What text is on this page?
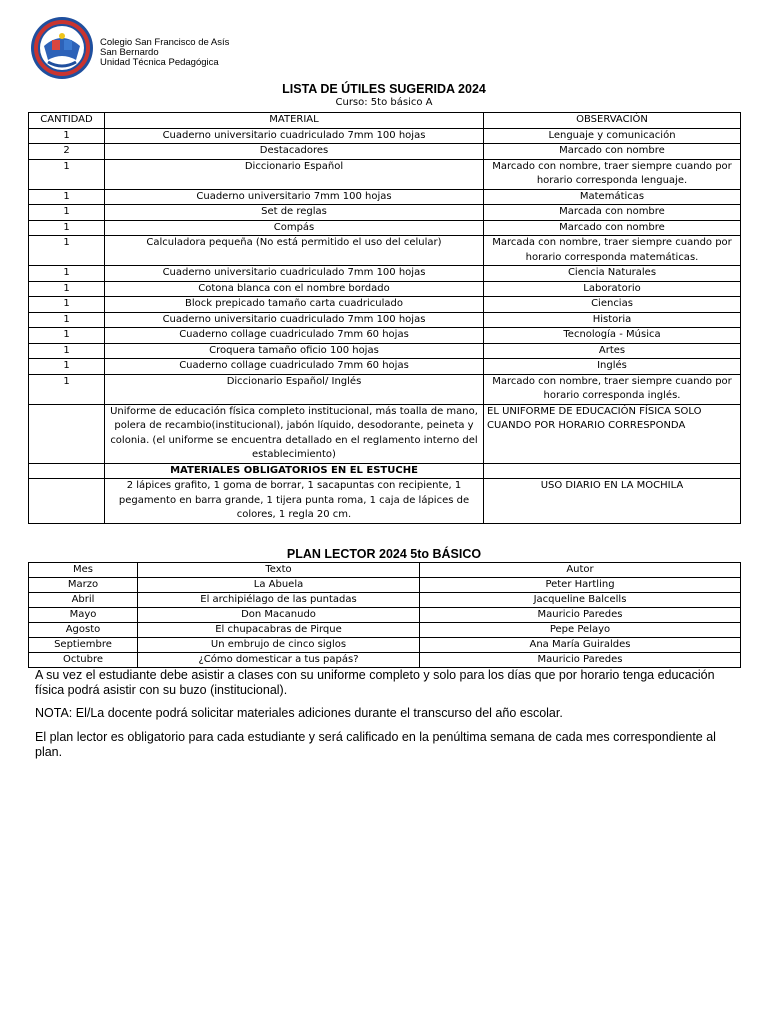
Colegio San Francisco de Asís
San Bernardo
Unidad Técnica Pedagógica
LISTA DE ÚTILES SUGERIDA 2024
Curso: 5to básico A
CANTIDAD	MATERIAL	OBSERVACIÓN
1	Cuaderno universitario cuadriculado 7mm 100 hojas	Lenguaje y comunicación
2	Destacadores	Marcado con nombre
1	Diccionario Español	Marcado con nombre, traer siempre cuando por horario corresponda lenguaje.
1	Cuaderno universitario 7mm 100 hojas	Matemáticas
1	Set de reglas	Marcada con nombre
1	Compás	Marcado con nombre
1	Calculadora pequeña (No está permitido el uso del celular)	Marcada con nombre, traer siempre cuando por horario corresponda matemáticas.
1	Cuaderno universitario cuadriculado 7mm 100 hojas	Ciencia Naturales
1	Cotona blanca con el nombre bordado	Laboratorio
1	Block prepicado tamaño carta cuadriculado	Ciencias
1	Cuaderno universitario cuadriculado 7mm 100 hojas	Historia
1	Cuaderno collage cuadriculado 7mm 60 hojas	Tecnología - Música
1	Croquera tamaño oficio 100 hojas	Artes
1	Cuaderno collage cuadriculado 7mm 60 hojas	Inglés
1	Diccionario Español/ Inglés	Marcado con nombre, traer siempre cuando por horario corresponda inglés.
	Uniforme de educación física completo institucional, más toalla de mano, polera de recambio(institucional), jabón líquido, desodorante, peineta y colonia. (el uniforme se encuentra detallado en el reglamento interno del establecimiento)	EL UNIFORME DE EDUCACIÓN FÍSICA SOLO CUANDO POR HORARIO CORRESPONDA
	MATERIALES OBLIGATORIOS EN EL ESTUCHE	
	2 lápices grafito, 1 goma de borrar, 1 sacapuntas con recipiente, 1 pegamento en barra grande, 1 tijera punta roma, 1 caja de lápices de colores, 1 regla 20 cm.	USO DIARIO EN LA MOCHILA
PLAN LECTOR 2024 5to BÁSICO
Mes	Texto	Autor
Marzo	La Abuela	Peter Hartling
Abril	El archipiélago de las puntadas	Jacqueline Balcells
Mayo	Don Macanudo	Mauricio Paredes
Agosto	El chupacabras de Pirque	Pepe Pelayo
Septiembre	Un embrujo de cinco siglos	Ana María Guiraldes
Octubre	¿Cómo domesticar a tus papás?	Mauricio Paredes
A su vez el estudiante debe asistir a clases con su uniforme completo y solo para los días que por horario tenga educación física podrá asistir con su buzo (institucional).
NOTA: El/La docente podrá solicitar materiales adiciones durante el transcurso del año escolar.
El plan lector es obligatorio para cada estudiante y será calificado en la penúltima semana de cada mes correspondiente al plan.
